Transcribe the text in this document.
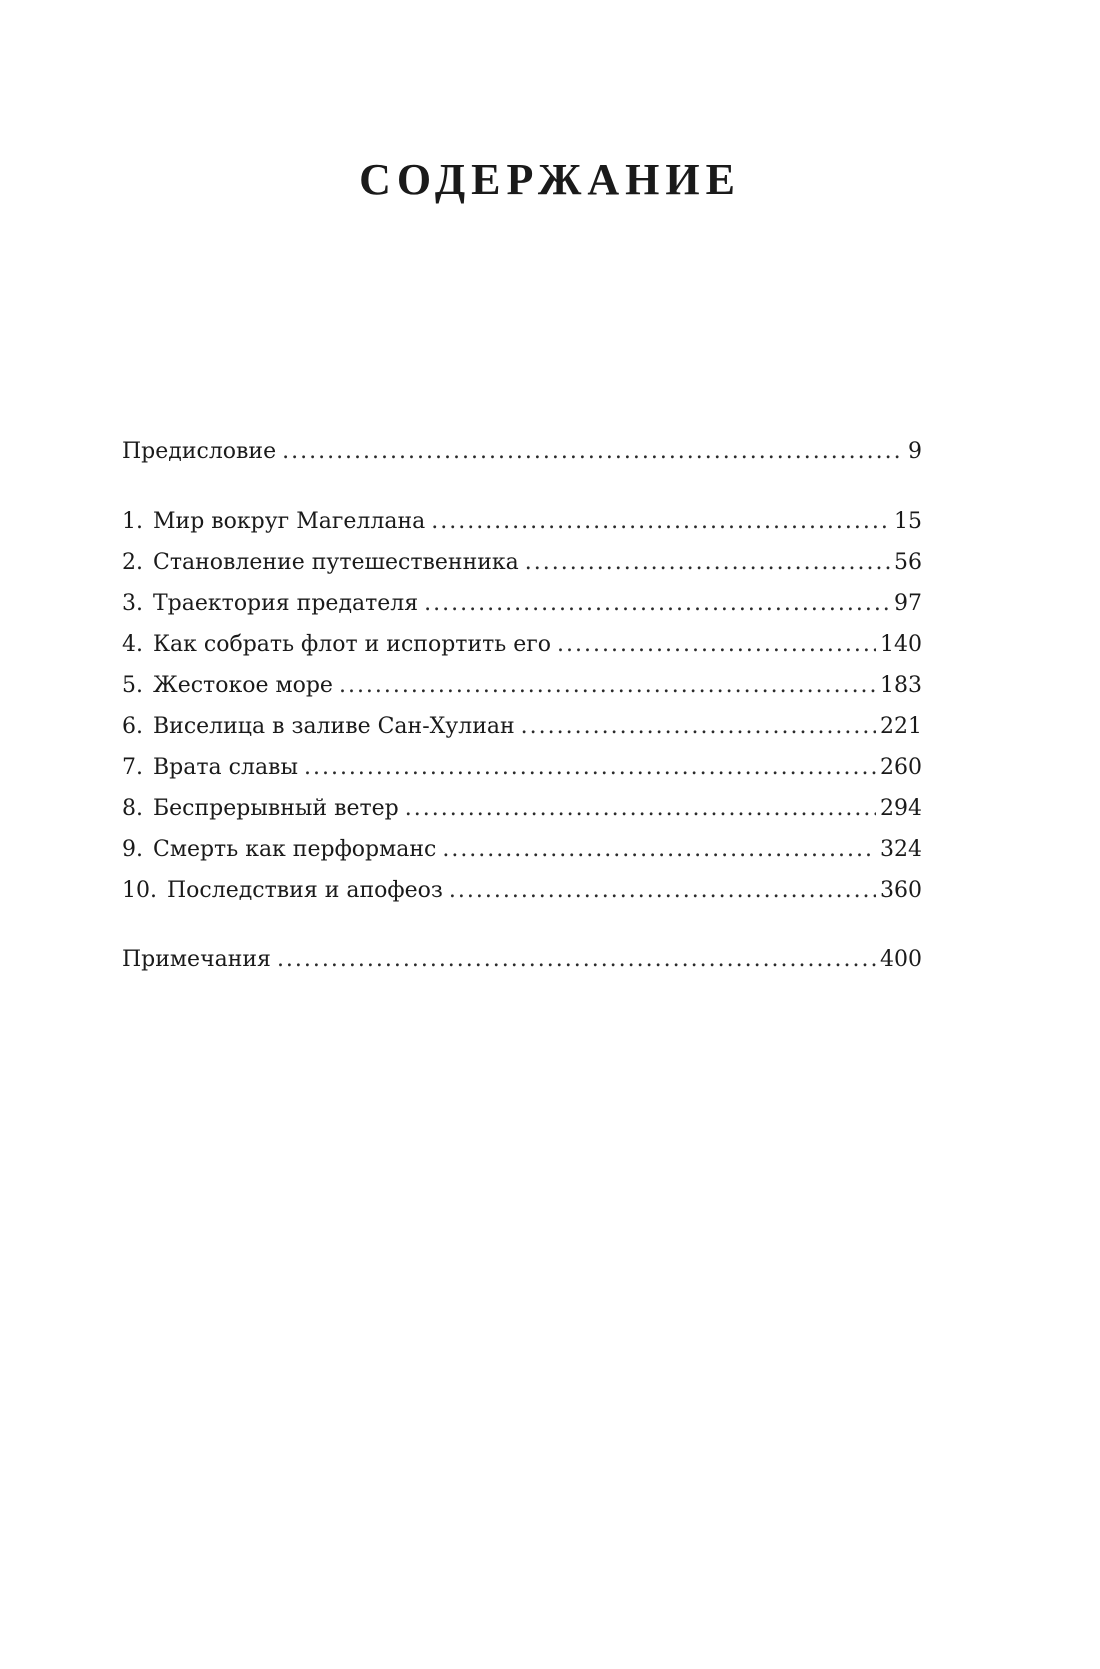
СОДЕРЖАНИЕ
Предисловие .....	9
1. Мир вокруг Магеллана .....	15
2. Становление путешественника .....	56
3. Траектория предателя .....	97
4. Как собрать флот и испортить его .....	140
5. Жестокое море .....	183
6. Виселица в заливе Сан-Хулиан .....	221
7. Врата славы .....	260
8. Беспрерывный ветер .....	294
9. Смерть как перформанс .....	324
10. Последствия и апофеоз .....	360
Примечания .....	400
